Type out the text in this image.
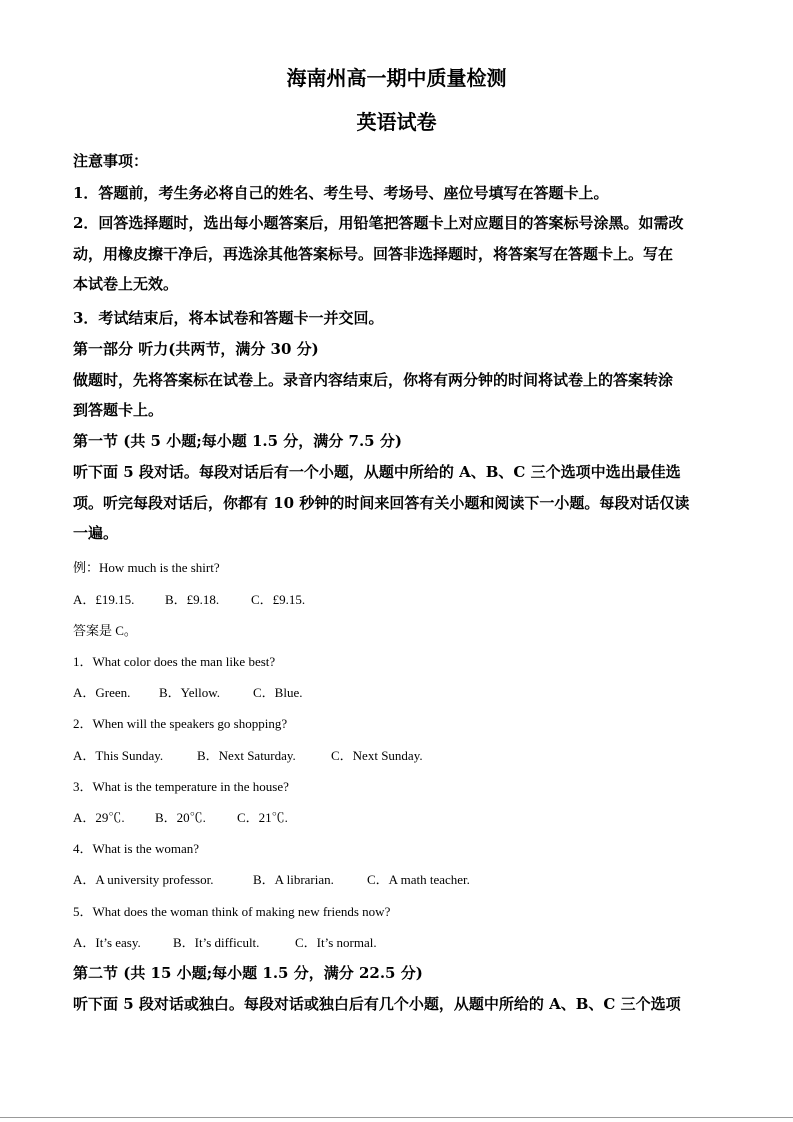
海南州高一期中质量检测
英语试卷
注意事项：
1．答题前，考生务必将自己的姓名、考生号、考场号、座位号填写在答题卡上。
2．回答选择题时，选出每小题答案后，用铅笔把答题卡上对应题目的答案标号涂黑。如需改
动，用橡皮擦干净后，再选涂其他答案标号。回答非选择题时，将答案写在答题卡上。写在
本试卷上无效。
3．考试结束后，将本试卷和答题卡一并交回。
第一部分 听力(共两节，满分 30 分)
做题时，先将答案标在试卷上。录音内容结束后，你将有两分钟的时间将试卷上的答案转涂
到答题卡上。
第一节 (共 5 小题;每小题 1.5 分，满分 7.5 分)
听下面 5 段对话。每段对话后有一个小题，从题中所给的 A、B、C 三个选项中选出最佳选
项。听完每段对话后，你都有 10 秒钟的时间来回答有关小题和阅读下一小题。每段对话仅读
一遍。
例：How much is the shirt?
A．£19.15. B．£9.18. C．£9.15.
答案是 C。
1．What color does the man like best?
A．Green. B．Yellow.	C．Blue.
2．When will the speakers go shopping?
A．This Sunday.	B．Next Saturday.	C．Next Sunday.
3．What is the temperature in the house?
A．29℃. B．20℃. C．21℃.
4．What is the woman?
A．A university professor.	B．A librarian.	C．A math teacher.
5．What does the woman think of making new friends now?
A．It’s easy. B．It’s difficult.	C．It’s normal.
第二节 (共 15 小题;每小题 1.5 分，满分 22.5 分)
听下面 5 段对话或独白。每段对话或独白后有几个小题，从题中所给的 A、B、C 三个选项
